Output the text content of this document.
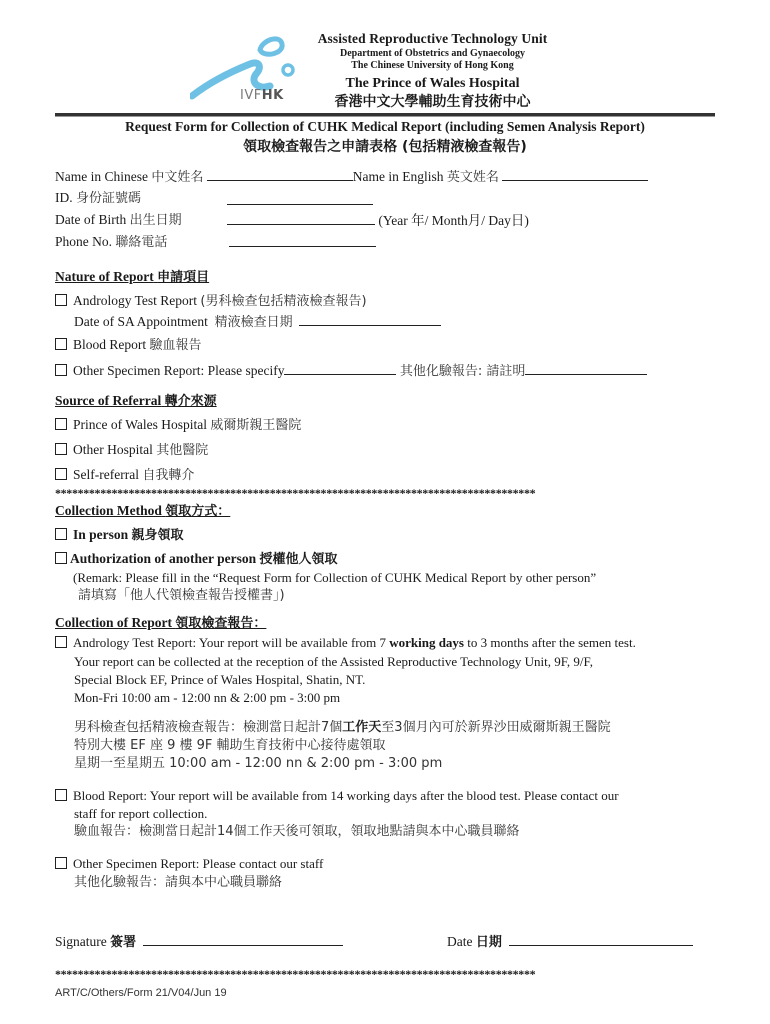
IVFHK
Assisted Reproductive Technology Unit
Department of Obstetrics and Gynaecology
The Chinese University of Hong Kong
The Prince of Wales Hospital
香港中文大學輔助生育技術中心
Request Form for Collection of CUHK Medical Report (including Semen Analysis Report)
領取檢查報告之申請表格 (包括精液檢查報告)
Name in Chinese 中文姓名	Name in English 英文姓名
ID. 身份証號碼
Date of Birth 出生日期	(Year 年/ Month月/ Day日)
Phone No. 聯絡電話
Nature of Report 申請項目
Andrology Test Report (男科檢查包括精液檢查報告)
Date of SA Appointment 精液檢查日期
Blood Report 驗血報告
Other Specimen Report: Please specify	其他化驗報告: 請註明
Source of Referral 轉介來源
Prince of Wales Hospital 威爾斯親王醫院
Other Hospital 其他醫院
Self-referral 自我轉介
*************************************************************************************
Collection Method 領取方式：
In person 親身領取
Authorization of another person 授權他人領取
(Remark: Please fill in the “Request Form for Collection of CUHK Medical Report by other person”
請填寫「他人代領檢查報告授權書」)
Collection of Report 領取檢查報告：
Andrology Test Report: Your report will be available from 7 working days to 3 months after the semen test.
Your report can be collected at the reception of the Assisted Reproductive Technology Unit, 9F, 9/F,
Special Block EF, Prince of Wales Hospital, Shatin, NT.
Mon-Fri 10:00 am - 12:00 nn & 2:00 pm - 3:00 pm
男科檢查包括精液檢查報告：檢測當日起計7個工作天至3個月內可於新界沙田威爾斯親王醫院
特別大樓 EF 座 9 樓 9F 輔助生育技術中心接待處領取
星期一至星期五 10:00 am - 12:00 nn & 2:00 pm - 3:00 pm
Blood Report: Your report will be available from 14 working days after the blood test. Please contact our
staff for report collection.
驗血報告：檢測當日起計14個工作天後可領取，領取地點請與本中心職員聯絡
Other Specimen Report: Please contact our staff
其他化驗報告：請與本中心職員聯絡
Signature 簽署	Date 日期
*************************************************************************************
ART/C/Others/Form 21/V04/Jun 19
